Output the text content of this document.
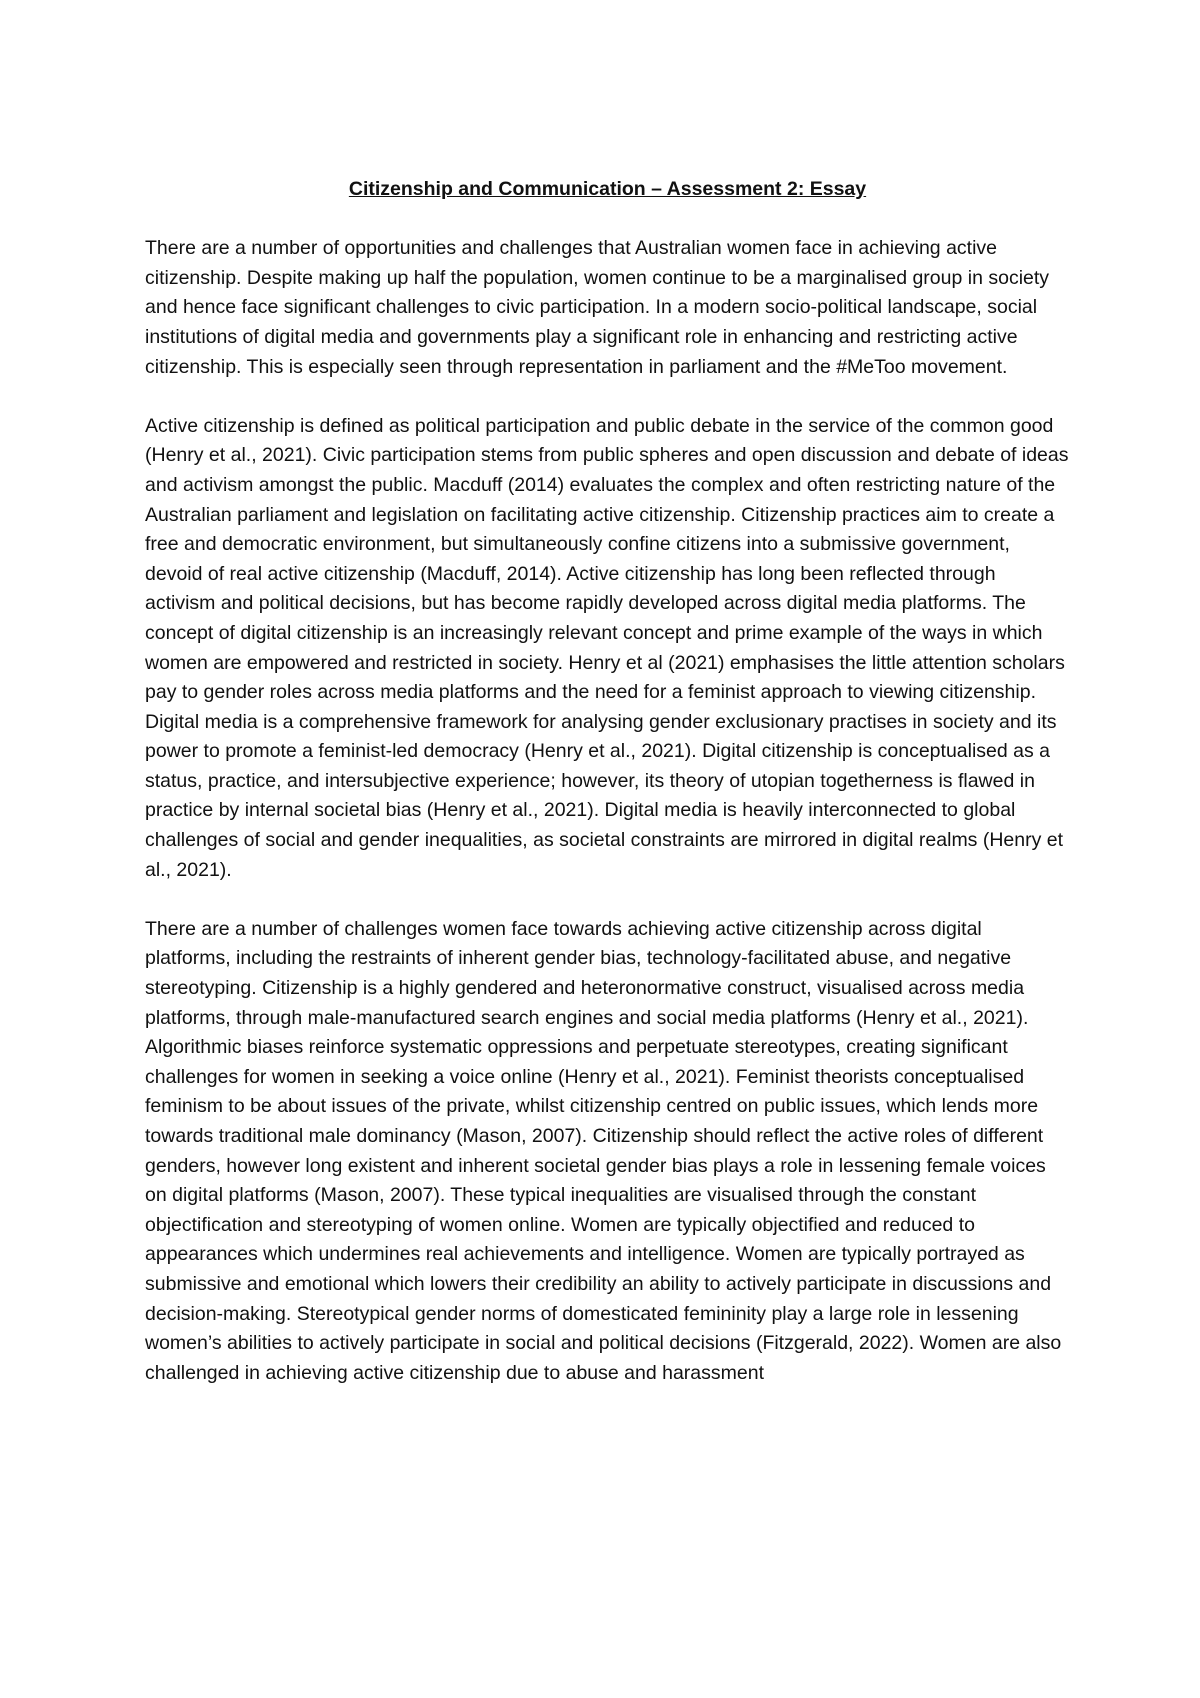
Citizenship and Communication – Assessment 2: Essay

There are a number of opportunities and challenges that Australian women face in achieving active citizenship. Despite making up half the population, women continue to be a marginalised group in society and hence face significant challenges to civic participation. In a modern socio-political landscape, social institutions of digital media and governments play a significant role in enhancing and restricting active citizenship. This is especially seen through representation in parliament and the #MeToo movement.

Active citizenship is defined as political participation and public debate in the service of the common good (Henry et al., 2021). Civic participation stems from public spheres and open discussion and debate of ideas and activism amongst the public. Macduff (2014) evaluates the complex and often restricting nature of the Australian parliament and legislation on facilitating active citizenship. Citizenship practices aim to create a free and democratic environment, but simultaneously confine citizens into a submissive government, devoid of real active citizenship (Macduff, 2014). Active citizenship has long been reflected through activism and political decisions, but has become rapidly developed across digital media platforms. The concept of digital citizenship is an increasingly relevant concept and prime example of the ways in which women are empowered and restricted in society. Henry et al (2021) emphasises the little attention scholars pay to gender roles across media platforms and the need for a feminist approach to viewing citizenship. Digital media is a comprehensive framework for analysing gender exclusionary practises in society and its power to promote a feminist-led democracy (Henry et al., 2021). Digital citizenship is conceptualised as a status, practice, and intersubjective experience; however, its theory of utopian togetherness is flawed in practice by internal societal bias (Henry et al., 2021). Digital media is heavily interconnected to global challenges of social and gender inequalities, as societal constraints are mirrored in digital realms (Henry et al., 2021).

There are a number of challenges women face towards achieving active citizenship across digital platforms, including the restraints of inherent gender bias, technology-facilitated abuse, and negative stereotyping. Citizenship is a highly gendered and heteronormative construct, visualised across media platforms, through male-manufactured search engines and social media platforms (Henry et al., 2021). Algorithmic biases reinforce systematic oppressions and perpetuate stereotypes, creating significant challenges for women in seeking a voice online (Henry et al., 2021). Feminist theorists conceptualised feminism to be about issues of the private, whilst citizenship centred on public issues, which lends more towards traditional male dominancy (Mason, 2007). Citizenship should reflect the active roles of different genders, however long existent and inherent societal gender bias plays a role in lessening female voices on digital platforms (Mason, 2007). These typical inequalities are visualised through the constant objectification and stereotyping of women online. Women are typically objectified and reduced to appearances which undermines real achievements and intelligence. Women are typically portrayed as submissive and emotional which lowers their credibility an ability to actively participate in discussions and decision-making. Stereotypical gender norms of domesticated femininity play a large role in lessening women’s abilities to actively participate in social and political decisions (Fitzgerald, 2022). Women are also challenged in achieving active citizenship due to abuse and harassment
